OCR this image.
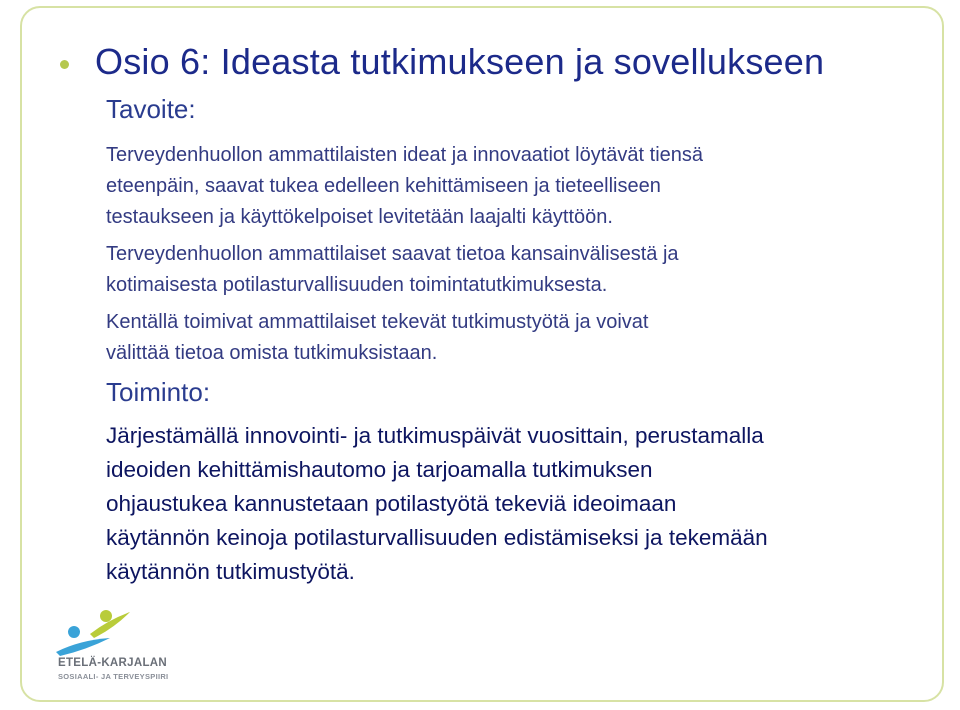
Osio 6: Ideasta tutkimukseen ja sovellukseen
Tavoite:
Terveydenhuollon ammattilaisten ideat ja innovaatiot löytävät tiensä
eteenpäin, saavat tukea edelleen kehittämiseen ja tieteelliseen
testaukseen ja käyttökelpoiset levitetään laajalti käyttöön.
Terveydenhuollon ammattilaiset saavat tietoa kansainvälisestä ja
kotimaisesta potilasturvallisuuden toimintatutkimuksesta.
Kentällä toimivat ammattilaiset tekevät tutkimustyötä ja voivat
välittää tietoa omista tutkimuksistaan.
Toiminto:
Järjestämällä innovointi- ja tutkimuspäivät vuosittain, perustamalla
ideoiden kehittämishautomo ja tarjoamalla tutkimuksen
ohjaustukea kannustetaan potilastyötä tekeviä ideoimaan
käytännön keinoja potilasturvallisuuden edistämiseksi ja tekemään
käytännön tutkimustyötä.
ETELÄ-KARJALAN
SOSIAALI- JA TERVEYSPIIRI
